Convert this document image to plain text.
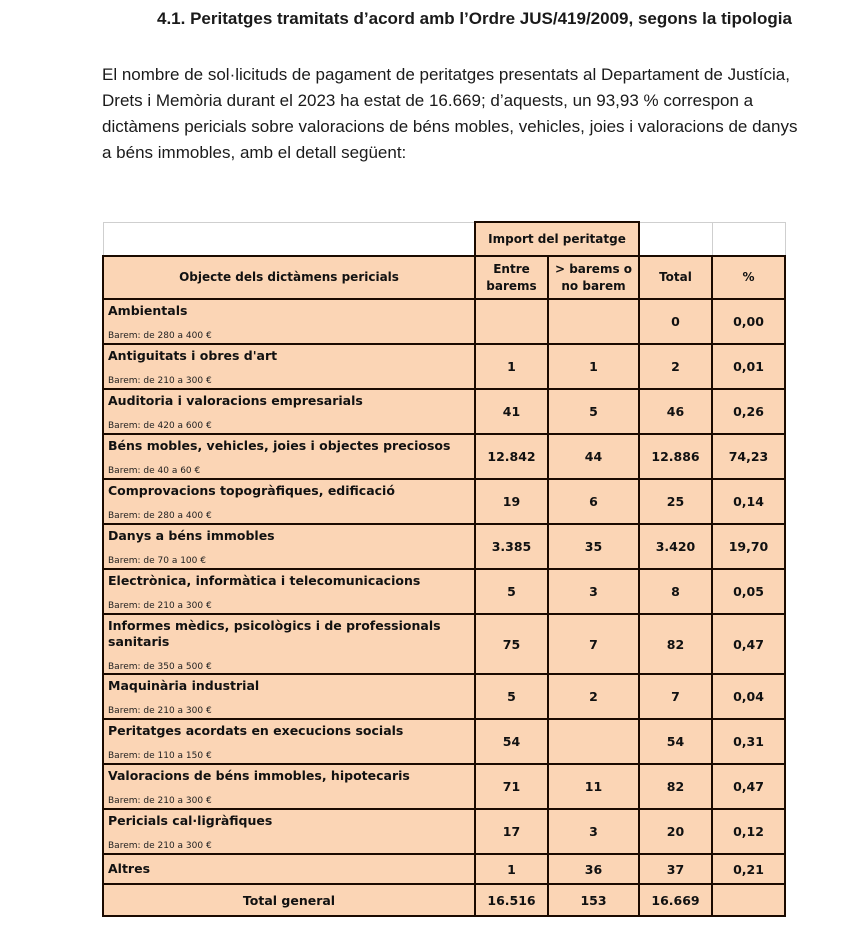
4.1. Peritatges tramitats d’acord amb l’Ordre JUS/419/2009, segons la tipologia
El nombre de sol·licituds de pagament de peritatges presentats al Departament de Justícia, Drets i Memòria durant el 2023 ha estat de 16.669; d’aquests, un 93,93 % correspon a dictàmens pericials sobre valoracions de béns mobles, vehicles, joies i valoracions de danys a béns immobles, amb el detall següent:
	Import del peritatge			
Objecte dels dictàmens pericials	Entre barems	> barems o no barem	Total	%

Ambientals
Barem: de 280 a 400 €			0	0,00

Antiguitats i obres d'art
Barem: de 210 a 300 €	1	1	2	0,01

Auditoria i valoracions empresarials
Barem: de 420 a 600 €	41	5	46	0,26

Béns mobles, vehicles, joies i objectes preciosos
Barem: de 40 a 60 €	12.842	44	12.886	74,23

Comprovacions topogràfiques, edificació
Barem: de 280 a 400 €	19	6	25	0,14

Danys a béns immobles
Barem: de 70 a 100 €	3.385	35	3.420	19,70

Electrònica, informàtica i telecomunicacions
Barem: de 210 a 300 €	5	3	8	0,05

Informes mèdics, psicològics i de professionals sanitaris
Barem: de 350 a 500 €	75	7	82	0,47

Maquinària industrial
Barem: de 210 a 300 €	5	2	7	0,04

Peritatges acordats en execucions socials
Barem: de 110 a 150 €	54		54	0,31

Valoracions de béns immobles, hipotecaris
Barem: de 210 a 300 €	71	11	82	0,47

Pericials cal·ligràfiques
Barem: de 210 a 300 €	17	3	20	0,12

Altres	1	36	37	0,21
Total general	16.516	153	16.669	
